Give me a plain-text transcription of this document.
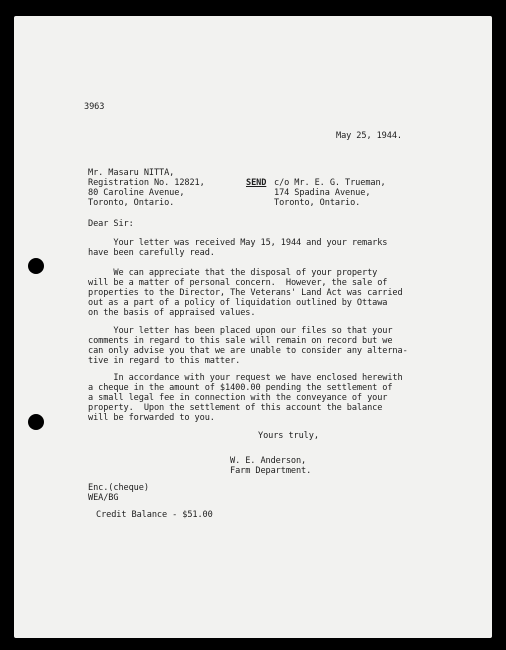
3963
May 25, 1944.
Mr. Masaru NITTA,
Registration No. 12821,
80 Caroline Avenue,
Toronto, Ontario.
SEND c/o Mr. E. G. Trueman,
174 Spadina Avenue,
Toronto, Ontario.
Dear Sir:
Your letter was received May 15, 1944 and your remarks
have been carefully read.
We can appreciate that the disposal of your property
will be a matter of personal concern.  However, the sale of
properties to the Director, The Veterans' Land Act was carried
out as a part of a policy of liquidation outlined by Ottawa
on the basis of appraised values.
Your letter has been placed upon our files so that your
comments in regard to this sale will remain on record but we
can only advise you that we are unable to consider any alterna-
tive in regard to this matter.
In accordance with your request we have enclosed herewith
a cheque in the amount of $1400.00 pending the settlement of
a small legal fee in connection with the conveyance of your
property.  Upon the settlement of this account the balance
will be forwarded to you.
Yours truly,
W. E. Anderson,
Farm Department.
Enc.(cheque)
WEA/BG
Credit Balance - $51.00
